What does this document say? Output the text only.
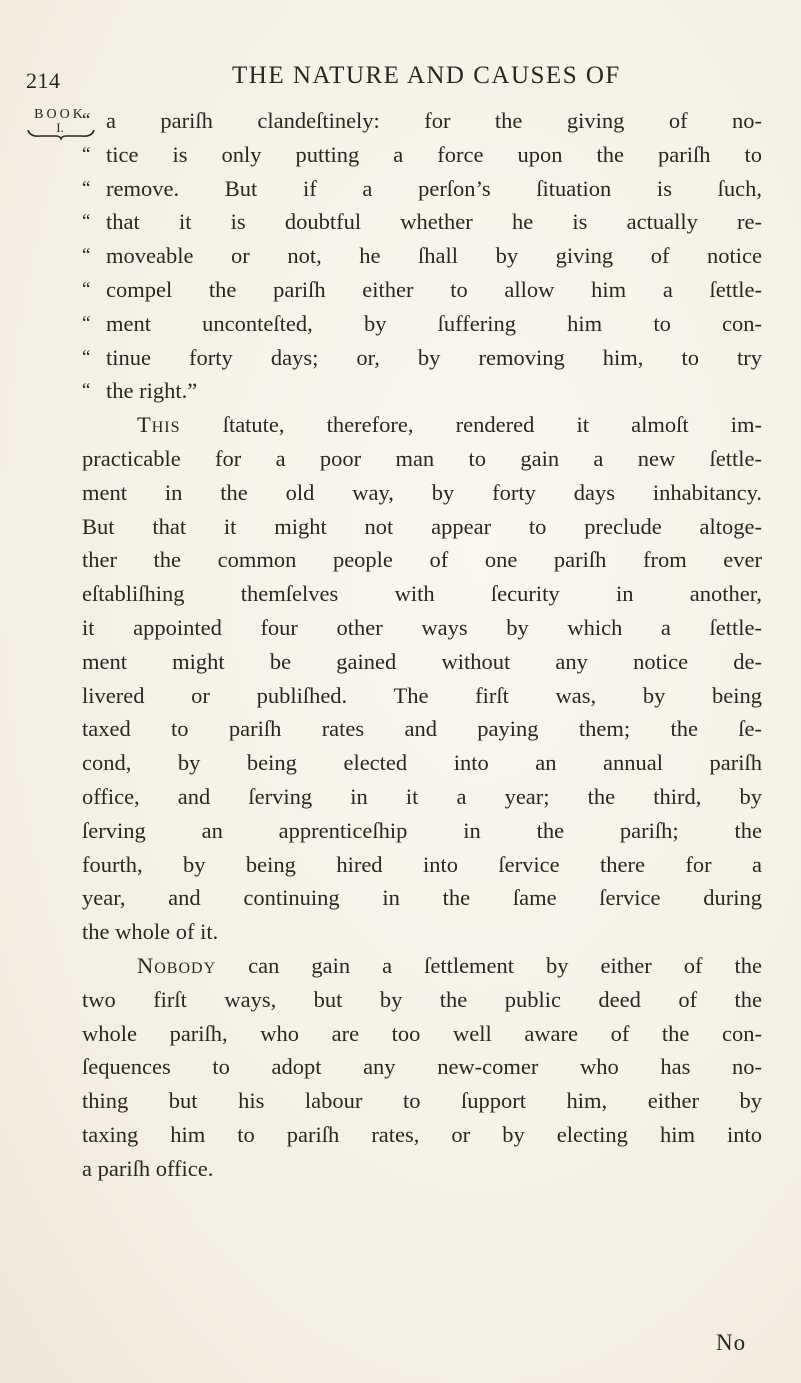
214	THE NATURE AND CAUSES OF
BOOK
I. “ a pariſh clandeſtinely: for the giving of no-
“ tice is only putting a force upon the pariſh to
“ remove. But if a perſon’s ſituation is ſuch,
“ that it is doubtful whether he is actually re-
“ moveable or not, he ſhall by giving of notice
“ compel the pariſh either to allow him a ſettle-
“ ment unconteſted, by ſuffering him to con-
“ tinue forty days; or, by removing him, to try
“ the right.”
This ſtatute, therefore, rendered it almoſt im-
practicable for a poor man to gain a new ſettle-
ment in the old way, by forty days inhabitancy.
But that it might not appear to preclude altoge-
ther the common people of one pariſh from ever
eſtabliſhing themſelves with ſecurity in another,
it appointed four other ways by which a ſettle-
ment might be gained without any notice de-
livered or publiſhed. The firſt was, by being
taxed to pariſh rates and paying them; the ſe-
cond, by being elected into an annual pariſh
office, and ſerving in it a year; the third, by
ſerving an apprenticeſhip in the pariſh; the
fourth, by being hired into ſervice there for a
year, and continuing in the ſame ſervice during
the whole of it.
Nobody can gain a ſettlement by either of the
two firſt ways, but by the public deed of the
whole pariſh, who are too well aware of the con-
ſequences to adopt any new-comer who has no-
thing but his labour to ſupport him, either by
taxing him to pariſh rates, or by electing him into
a pariſh office.
No
